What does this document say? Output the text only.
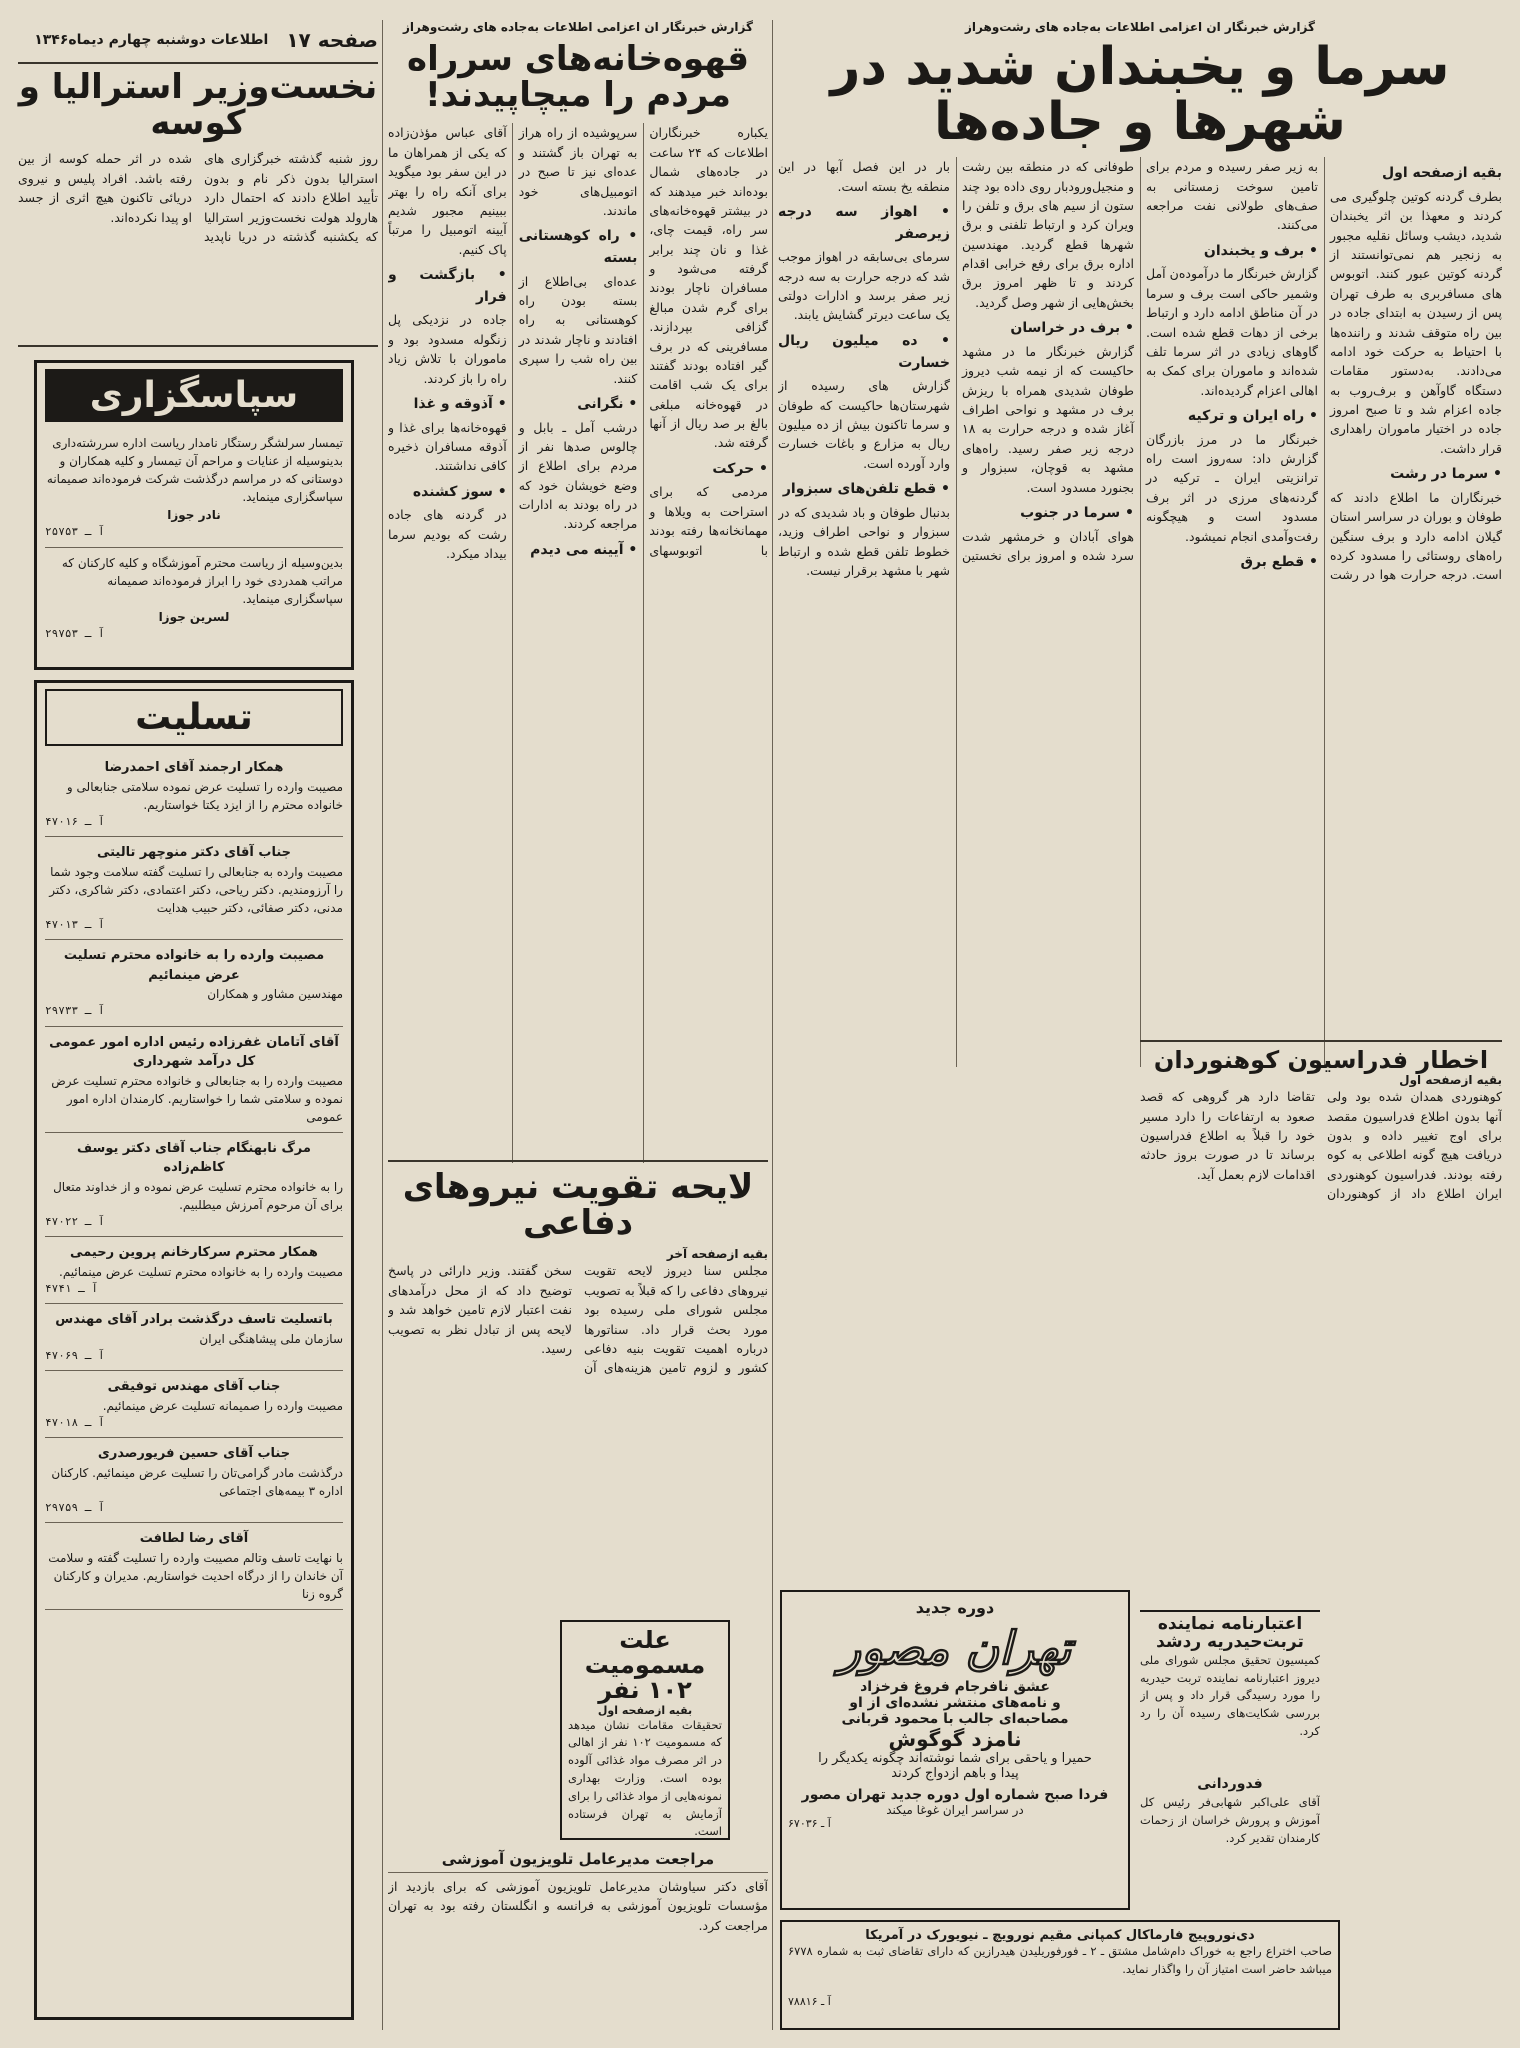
صفحه ۱۷
اطلاعات دوشنبه چهارم دیماه۱۳۴۶
نخست‌وزیر استرالیا و کوسه
روز شنبه گذشته خبرگزاری های استرالیا بدون ذکر نام و بدون تأیید اطلاع دادند که احتمال دارد هارولد هولت نخست‌وزیر استرالیا که یکشنبه گذشته در دریا ناپدید شده در اثر حمله کوسه از بین رفته باشد. افراد پلیس و نیروی دریائی تاکنون هیچ اثری از جسد او پیدا نکرده‌اند.
سپاسگزاری
تیمسار سرلشگر رستگار نامدار ریاست اداره سررشته‌داری بدینوسیله از عنایات و مراحم آن تیمسار و کلیه همکاران و دوستانی که در مراسم درگذشت شرکت فرموده‌اند صمیمانه سپاسگزاری مینماید.
نادر جوزا
آ ـ ۲۵۷۵۳
بدین‌وسیله از ریاست محترم آموزشگاه و کلیه کارکنان که مراتب همدردی خود را ابراز فرموده‌اند صمیمانه سپاسگزاری مینماید.
لسرین جوزا
آ ـ ۲۹۷۵۳
تسلیت
همکار ارجمند آقای احمدرضا
مصیبت وارده را تسلیت عرض نموده سلامتی جنابعالی و خانواده محترم را از ایزد یکتا خواستاریم.
آ ـ ۴۷۰۱۶
جناب آقای دکتر منوچهر تالیتی
مصیبت وارده به جنابعالی را تسلیت گفته سلامت وجود شما را آرزومندیم. دکتر ریاحی، دکتر اعتمادی، دکتر شاکری، دکتر مدنی، دکتر صفائی، دکتر حبیب هدایت
آ ـ ۴۷۰۱۳
مصیبت وارده را به خانواده محترم تسلیت عرض مینمائیم
مهندسین مشاور و همکاران
آ ـ ۲۹۷۳۳
آقای آتامان غفرزاده رئیس اداره امور عمومی کل درآمد شهرداری
مصیبت وارده را به جنابعالی و خانواده محترم تسلیت عرض نموده و سلامتی شما را خواستاریم. کارمندان اداره امور عمومی
مرگ نابهنگام جناب آقای دکتر یوسف کاظم‌زاده
را به خانواده محترم تسلیت عرض نموده و از خداوند متعال برای آن مرحوم آمرزش میطلبیم.
آ ـ ۴۷۰۲۲
همکار محترم سرکارخانم پروین رحیمی
مصیبت وارده را به خانواده محترم تسلیت عرض مینمائیم.
آ ـ ۴۷۴۱
باتسلیت تاسف درگذشت برادر آقای مهندس
سازمان ملی پیشاهنگی ایران
آ ـ ۴۷۰۶۹
جناب آقای مهندس توفیقی
مصیبت وارده را صمیمانه تسلیت عرض مینمائیم.
آ ـ ۴۷۰۱۸
جناب آقای حسین فریورصدری
درگذشت مادر گرامی‌تان را تسلیت عرض مینمائیم. کارکنان اداره ۳ بیمه‌های اجتماعی
آ ـ ۲۹۷۵۹
آقای رضا لطافت
با نهایت تاسف وتالم مصیبت وارده را تسلیت گفته و سلامت آن خاندان را از درگاه احدیت خواستاریم. مدیران و کارکنان گروه زنا
گزارش خبرنگار ان اعزامی اطلاعات به‌جاده های رشت‌وهراز
قهوه‌خانه‌های سرراه مردم را میچاپیدند!
یکباره خبرنگاران اطلاعات که ۲۴ ساعت در جاده‌های شمال بوده‌اند خبر میدهند که در بیشتر قهوه‌خانه‌های سر راه، قیمت چای، غذا و نان چند برابر گرفته می‌شود و مسافران ناچار بودند برای گرم شدن مبالغ گزافی بپردازند. مسافرینی که در برف گیر افتاده بودند گفتند برای یک شب اقامت در قهوه‌خانه مبلغی بالغ بر صد ریال از آنها گرفته شد.
• حرکت
مردمی که برای استراحت به ویلاها و مهمانخانه‌ها رفته بودند با اتوبوسهای سرپوشیده از راه هراز به تهران باز گشتند و عده‌ای نیز تا صبح در اتومبیل‌های خود ماندند.
• راه کوهستانی بسته
عده‌ای بی‌اطلاع از بسته بودن راه کوهستانی به راه افتادند و ناچار شدند در بین راه شب را سپری کنند.
• نگرانی
درشب آمل ـ بابل و چالوس صدها نفر از مردم برای اطلاع از وضع خویشان خود که در راه بودند به ادارات مراجعه کردند.
• آیینه می دیدم
آقای عباس مؤذن‌زاده که یکی از همراهان ما در این سفر بود میگوید برای آنکه راه را بهتر ببینیم مجبور شدیم آیینه اتومبیل را مرتباً پاک کنیم.
• بازگشت و فرار
جاده در نزدیکی پل زنگوله مسدود بود و ماموران با تلاش زیاد راه را باز کردند.
• آذوقه و غذا
قهوه‌خانه‌ها برای غذا و آذوقه مسافران ذخیره کافی نداشتند.
• سوز کشنده
در گردنه های جاده رشت که بودیم سرما بیداد میکرد.
لایحه تقویت نیروهای دفاعی
بقیه ازصفحه آخر
مجلس سنا دیروز لایحه تقویت نیروهای دفاعی را که قبلاً به تصویب مجلس شورای ملی رسیده بود مورد بحث قرار داد. سناتورها درباره اهمیت تقویت بنیه دفاعی کشور و لزوم تامین هزینه‌های آن سخن گفتند. وزیر دارائی در پاسخ توضیح داد که از محل درآمدهای نفت اعتبار لازم تامین خواهد شد و لایحه پس از تبادل نظر به تصویب رسید.
علت مسمومیت ۱۰۲ نفر
بقیه ازصفحه اول
تحقیقات مقامات نشان میدهد که مسمومیت ۱۰۲ نفر از اهالی در اثر مصرف مواد غذائی آلوده بوده است. وزارت بهداری نمونه‌هایی از مواد غذائی را برای آزمایش به تهران فرستاده است.
مراجعت مدیرعامل تلویزیون آموزشی
آقای دکتر سیاوشان مدیرعامل تلویزیون آموزشی که برای بازدید از مؤسسات تلویزیون آموزشی به فرانسه و انگلستان رفته بود به تهران مراجعت کرد.
گزارش خبرنگار ان اعزامی اطلاعات به‌جاده های رشت‌وهراز
سرما و یخبندان شدید در شهرها و جاده‌ها
بقیه ازصفحه اول
بطرف گردنه کوتین چلوگیری می کردند و معهذا بن اثر یخبندان شدید، دیشب وسائل نقلیه مجبور به زنجیر هم نمی‌توانستند از گردنه کوتین عبور کنند. اتوبوس های مسافربری به طرف تهران پس از رسیدن به ابتدای جاده در بین راه متوقف شدند و راننده‌ها با احتیاط به حرکت خود ادامه می‌دادند. به‌دستور مقامات دستگاه گاوآهن و برف‌روب به جاده اعزام شد و تا صبح امروز جاده در اختیار ماموران راهداری قرار داشت.
• سرما در رشت
خبرنگاران ما اطلاع دادند که طوفان و بوران در سراسر استان گیلان ادامه دارد و برف سنگین راه‌های روستائی را مسدود کرده است. درجه حرارت هوا در رشت به زیر صفر رسیده و مردم برای تامین سوخت زمستانی به صف‌های طولانی نفت مراجعه می‌کنند.
• برف و یخبندان
گزارش خبرنگار ما درآموده‌ن آمل وشمیر حاکی است برف و سرما در آن مناطق ادامه دارد و ارتباط برخی از دهات قطع شده است. گاوهای زیادی در اثر سرما تلف شده‌اند و ماموران برای کمک به اهالی اعزام گردیده‌اند.
• راه ایران و ترکیه
خبرنگار ما در مرز بازرگان گزارش داد: سه‌روز است راه ترانزیتی ایران ـ ترکیه در گردنه‌های مرزی در اثر برف مسدود است و هیچگونه رفت‌وآمدی انجام نمیشود.
• قطع برق
طوفانی که در منطقه بین رشت و منجیل‌ورودبار روی داده بود چند ستون از سیم های برق و تلفن را ویران کرد و ارتباط تلفنی و برق شهرها قطع گردید. مهندسین اداره برق برای رفع خرابی اقدام کردند و تا ظهر امروز برق بخش‌هایی از شهر وصل گردید.
• برف در خراسان
گزارش خبرنگار ما در مشهد حاکیست که از نیمه شب دیروز طوفان شدیدی همراه با ریزش برف در مشهد و نواحی اطراف آغاز شده و درجه حرارت به ۱۸ درجه زیر صفر رسید. راه‌های مشهد به قوچان، سبزوار و بجنورد مسدود است.
• سرما در جنوب
هوای آبادان و خرمشهر شدت سرد شده و امروز برای نخستین بار در این فصل آبها در این منطقه یخ بسته است.
• اهواز سه درجه زیرصفر
سرمای بی‌سابقه در اهواز موجب شد که درجه حرارت به سه درجه زیر صفر برسد و ادارات دولتی یک ساعت دیرتر گشایش یابند.
• ده میلیون ریال خسارت
گزارش های رسیده از شهرستان‌ها حاکیست که طوفان و سرما تاکنون بیش از ده میلیون ریال به مزارع و باغات خسارت وارد آورده است.
• قطع تلفن‌های سبزوار
بدنبال طوفان و باد شدیدی که در سبزوار و نواحی اطراف وزید، خطوط تلفن قطع شده و ارتباط شهر با مشهد برقرار نیست.
اخطار فدراسیون کوهنوردان
بقیه ازصفحه اول
کوهنوردی همدان شده بود ولی آنها بدون اطلاع فدراسیون مقصد برای اوج تغییر داده و بدون دریافت هیچ گونه اطلاعی به کوه رفته بودند. فدراسیون کوهنوردی ایران اطلاع داد از کوهنوردان تقاضا دارد هر گروهی که قصد صعود به ارتفاعات را دارد مسیر خود را قبلاً به اطلاع فدراسیون برساند تا در صورت بروز حادثه اقدامات لازم بعمل آید.
اعتبارنامه نماینده تربت‌حیدریه ردشد
کمیسیون تحقیق مجلس شورای ملی دیروز اعتبارنامه نماینده تربت حیدریه را مورد رسیدگی قرار داد و پس از بررسی شکایت‌های رسیده آن را رد کرد.
فدوردانی
آقای علی‌اکبر شهابی‌فر رئیس کل آموزش و پرورش خراسان از زحمات کارمندان تقدیر کرد.
دوره جدید
تهران مصور
عشق نافرجام فروغ فرخزاد
و نامه‌های منتشر نشده‌ای از او
مصاحبه‌ای جالب با محمود قربانی
نامزد گوگوش
حمیرا و یاحقی برای شما نوشته‌اند چگونه یکدیگر را
پیدا و باهم ازدواج کردند
فردا صبح شماره اول دوره جدید تهران مصور
در سراسر ایران غوغا میکند
آ ـ ۶۷۰۳۶
دی‌نوروپیج فارماکال کمپانی مقیم نورویچ ـ نیویورک در آمریکا
صاحب اختراع راجع به خوراک دام‌شامل مشتق ـ ۲ ـ فورفوریلیدن هیدرازین که دارای تقاضای ثبت به شماره ۶۷۷۸ میباشد حاضر است امتیاز آن را واگذار نماید.
آ ـ ۷۸۸۱۶
